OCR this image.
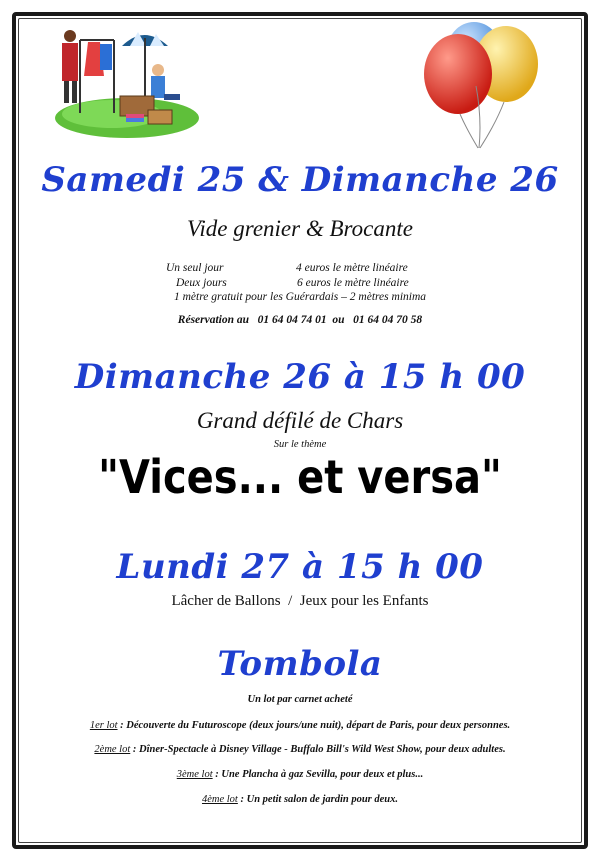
Samedi 25 & Dimanche 26
Vide grenier & Brocante
Un seul jour	4 euros le mètre linéaire
Deux jours	6 euros le mètre linéaire
1 mètre gratuit pour les Guérardais – 2 mètres minima
Réservation au   01 64 04 74 01  ou   01 64 04 70 58
Dimanche 26 à 15 h 00
Grand défilé de Chars
Sur le thème
"Vices... et versa"
Lundi 27 à 15 h 00
Lâcher de Ballons  /  Jeux pour les Enfants
Tombola
Un lot par carnet acheté
1er lot : Découverte du Futuroscope (deux jours/une nuit), départ de Paris, pour deux personnes.
2ème lot : Dîner-Spectacle à Disney Village - Buffalo Bill's Wild West Show, pour deux adultes.
3ème lot : Une Plancha à gaz Sevilla, pour deux et plus...
4ème lot : Un petit salon de jardin pour deux.
